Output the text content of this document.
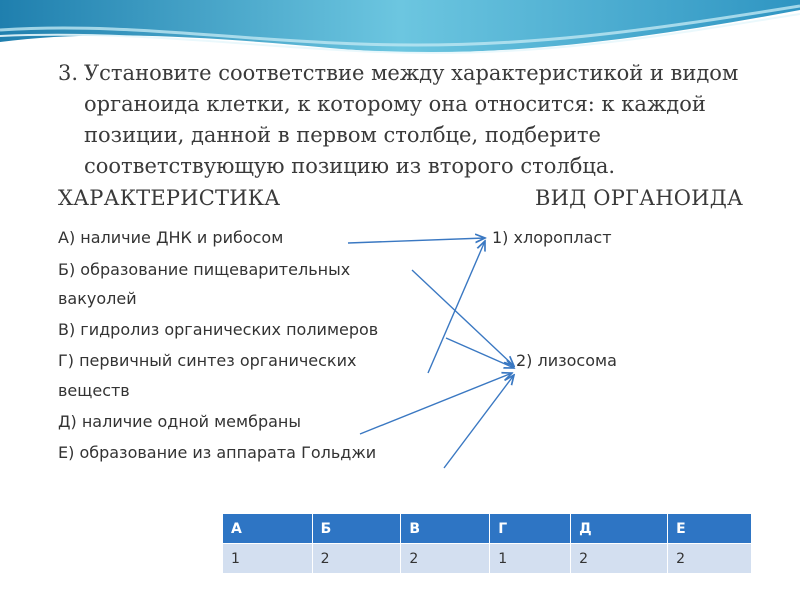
3. Установите соответствие между характеристикой и видом органоида клетки, к которому она относится: к каждой позиции, данной в первом столбце, подберите соответствующую позицию из второго столбца.
ХАРАКТЕРИСТИКА	ВИД ОРГАНОИДА
А) наличие ДНК и рибосом
Б) образование пищеварительных
вакуолей
В) гидролиз органических полимеров
Г) первичный синтез органических
веществ
Д) наличие одной мембраны
Е) образование из аппарата Гольджи
1) хлоропласт
2) лизосома
А	Б	В	Г	Д	Е
1	2	2	1	2	2
